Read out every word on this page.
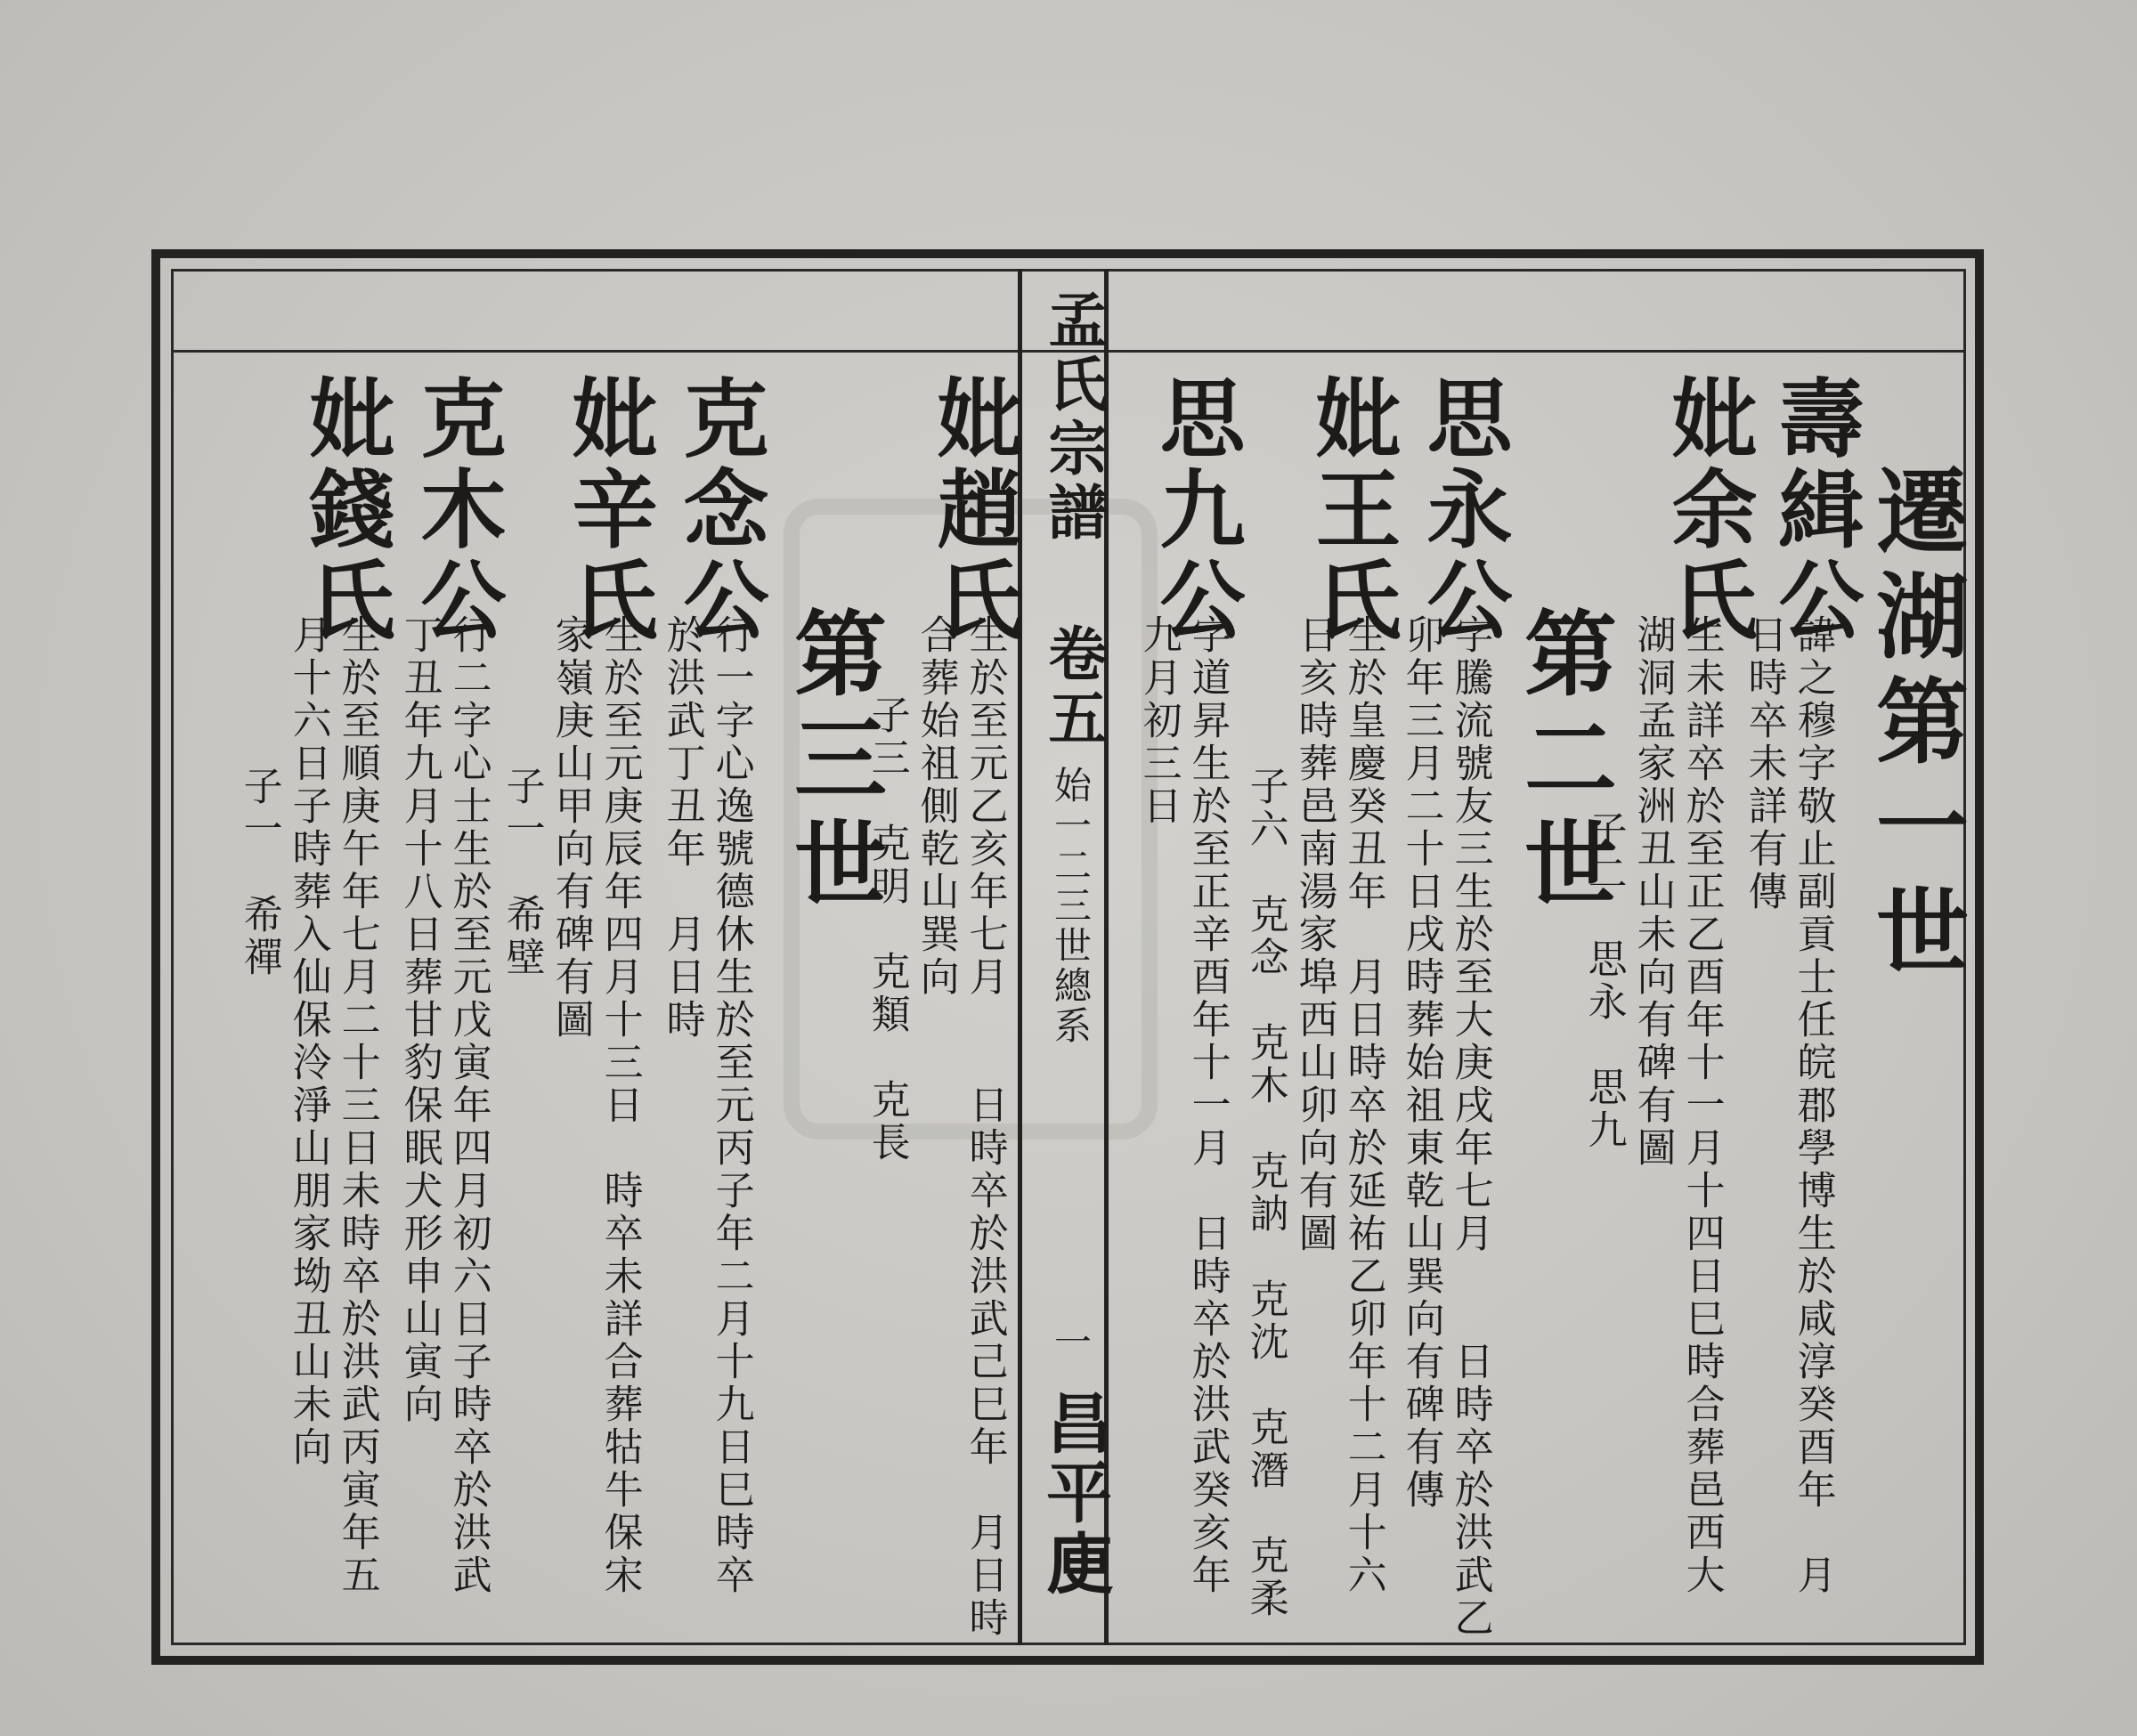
遷湖第一世
壽緝公
諱之穆字敬止副貢士任皖郡學博生於咸淳癸酉年　月
日時卒未詳有傳
妣余氏
生未詳卒於至正乙酉年十一月十四日巳時合葬邑西大
湖洞孟家洲丑山未向有碑有圖
子二　思永　思九
第二世
思永公
字騰流號友三生於至大庚戌年七月　　日時卒於洪武乙
卯年三月二十日戌時葬始祖東乾山巽向有碑有傳
妣王氏
生於皇慶癸丑年　月日時卒於延祐乙卯年十二月十六
日亥時葬邑南湯家埠西山卯向有圖
子六　克念　克木　克訥　克沈　克潛　克柔
思九公
字道昇生於至正辛酉年十一月　日時卒於洪武癸亥年
九月初三日
孟氏宗譜
卷五
始一二三世總系
一
昌平𢈔
妣趙氏
生於至元乙亥年七月　　日時卒於洪武己巳年　月日時
合葬始祖側乾山巽向
子三　克明　克類　克長
第三世
克念公
行一字心逸號德休生於至元丙子年二月十九日巳時卒
於洪武丁丑年　月日時
妣辛氏
生於至元庚辰年四月十三日　時卒未詳合葬牯牛保宋
家嶺庚山甲向有碑有圖
子一　希壁
克木公
行二字心士生於至元戊寅年四月初六日子時卒於洪武
丁丑年九月十八日葬甘豹保眠犬形申山寅向
妣錢氏
生於至順庚午年七月二十三日未時卒於洪武丙寅年五
月十六日子時葬入仙保泠淨山朋家坳丑山未向
子一　希禪
